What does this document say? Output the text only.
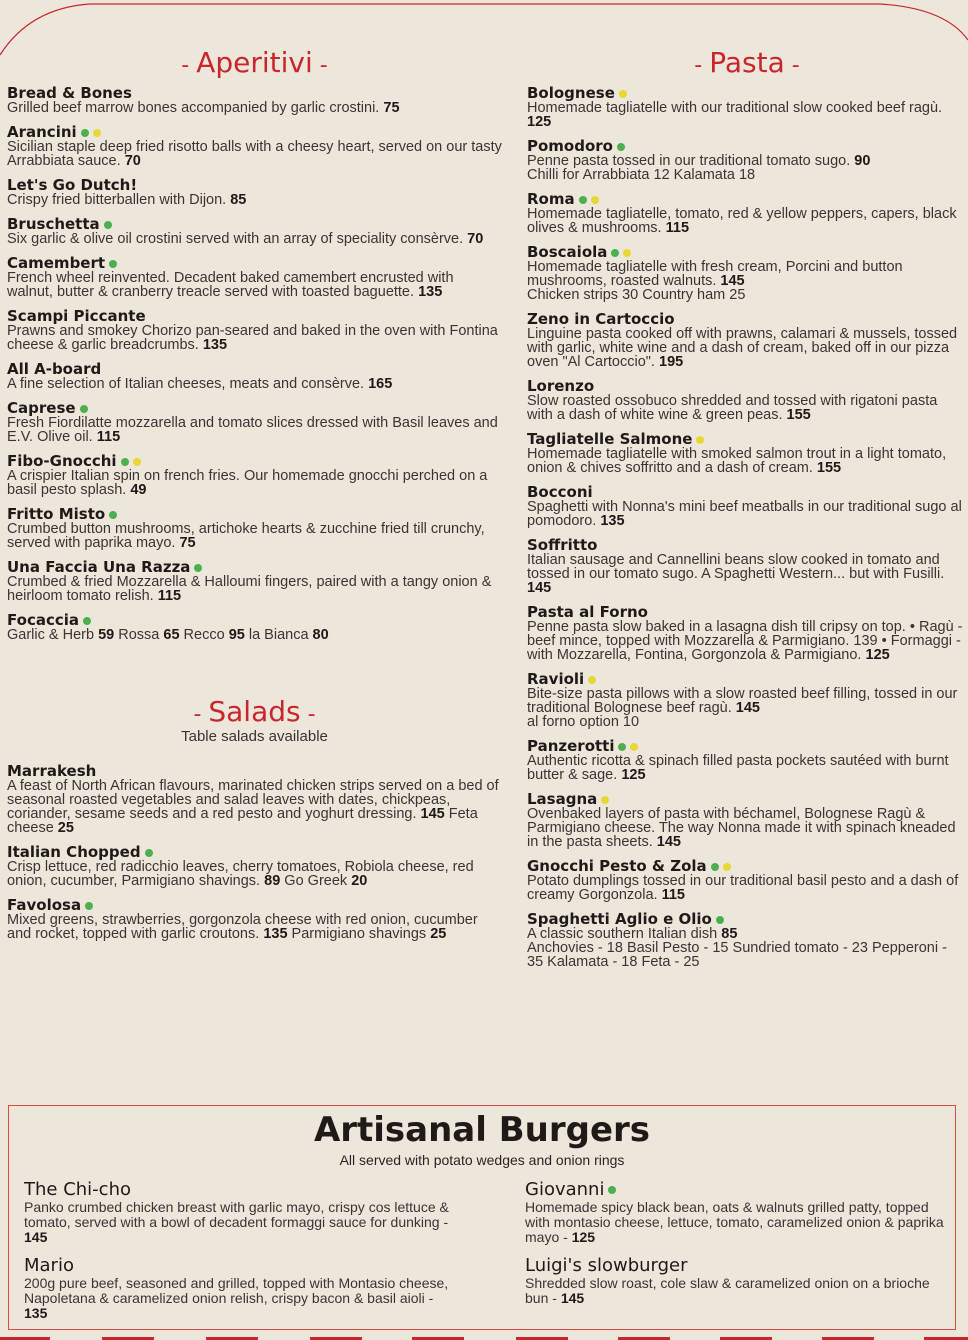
- Aperitivi -
Bread & Bones
Grilled beef marrow bones accompanied by garlic crostini. 75
Arancini
Sicilian staple deep fried risotto balls with a cheesy heart, served on our tasty Arrabbiata sauce. 70
Let's Go Dutch!
Crispy fried bitterballen with Dijon. 85
Bruschetta
Six garlic & olive oil crostini served with an array of speciality consèrve. 70
Camembert
French wheel reinvented. Decadent baked camembert encrusted with walnut, butter & cranberry treacle served with toasted baguette. 135
Scampi Piccante
Prawns and smokey Chorizo pan-seared and baked in the oven with Fontina cheese & garlic breadcrumbs. 135
All A-board
A fine selection of Italian cheeses, meats and consèrve. 165
Caprese
Fresh Fiordilatte mozzarella and tomato slices dressed with Basil leaves and E.V. Olive oil. 115
Fibo-Gnocchi
A crispier Italian spin on french fries. Our homemade gnocchi perched on a basil pesto splash. 49
Fritto Misto
Crumbed button mushrooms, artichoke hearts & zucchine fried till crunchy, served with paprika mayo. 75
Una Faccia Una Razza
Crumbed & fried Mozzarella & Halloumi fingers, paired with a tangy onion & heirloom tomato relish. 115
Focaccia
Garlic & Herb 59 Rossa 65 Recco 95 la Bianca 80
- Salads -
Table salads available
Marrakesh
A feast of North African flavours, marinated chicken strips served on a bed of seasonal roasted vegetables and salad leaves with dates, chickpeas, coriander, sesame seeds and a red pesto and yoghurt dressing. 145 Feta cheese 25
Italian Chopped
Crisp lettuce, red radicchio leaves, cherry tomatoes, Robiola cheese, red onion, cucumber, Parmigiano shavings. 89 Go Greek 20
Favolosa
Mixed greens, strawberries, gorgonzola cheese with red onion, cucumber and rocket, topped with garlic croutons. 135 Parmigiano shavings 25
- Pasta -
Bolognese
Homemade tagliatelle with our traditional slow cooked beef ragù. 125
Pomodoro
Penne pasta tossed in our traditional tomato sugo. 90
Chilli for Arrabbiata 12 Kalamata 18
Roma
Homemade tagliatelle, tomato, red & yellow peppers, capers, black olives & mushrooms. 115
Boscaiola
Homemade tagliatelle with fresh cream, Porcini and button mushrooms, roasted walnuts. 145
Chicken strips 30 Country ham 25
Zeno in Cartoccio
Linguine pasta cooked off with prawns, calamari & mussels, tossed with garlic, white wine and a dash of cream, baked off in our pizza oven "Al Cartoccio". 195
Lorenzo
Slow roasted ossobuco shredded and tossed with rigatoni pasta with a dash of white wine & green peas. 155
Tagliatelle Salmone
Homemade tagliatelle with smoked salmon trout in a light tomato, onion & chives soffritto and a dash of cream. 155
Bocconi
Spaghetti with Nonna's mini beef meatballs in our traditional sugo al pomodoro. 135
Soffritto
Italian sausage and Cannellini beans slow cooked in tomato and tossed in our tomato sugo. A Spaghetti Western... but with Fusilli. 145
Pasta al Forno
Penne pasta slow baked in a lasagna dish till cripsy on top. • Ragù - beef mince, topped with Mozzarella & Parmigiano. 139 • Formaggi - with Mozzarella, Fontina, Gorgonzola & Parmigiano. 125
Ravioli
Bite-size pasta pillows with a slow roasted beef filling, tossed in our traditional Bolognese beef ragù. 145
al forno option 10
Panzerotti
Authentic ricotta & spinach filled pasta pockets sautéed with burnt butter & sage. 125
Lasagna
Ovenbaked layers of pasta with béchamel, Bolognese Ragù & Parmigiano cheese. The way Nonna made it with spinach kneaded in the pasta sheets. 145
Gnocchi Pesto & Zola
Potato dumplings tossed in our traditional basil pesto and a dash of creamy Gorgonzola. 115
Spaghetti Aglio e Olio
A classic southern Italian dish 85
Anchovies - 18 Basil Pesto - 15 Sundried tomato - 23 Pepperoni - 35 Kalamata - 18 Feta - 25
Artisanal Burgers
All served with potato wedges and onion rings
The Chi-cho
Panko crumbed chicken breast with garlic mayo, crispy cos lettuce & tomato, served with a bowl of decadent formaggi sauce for dunking - 145
Giovanni
Homemade spicy black bean, oats & walnuts grilled patty, topped with montasio cheese, lettuce, tomato, caramelized onion & paprika mayo - 125
Mario
200g pure beef, seasoned and grilled, topped with Montasio cheese, Napoletana & caramelized onion relish, crispy bacon & basil aioli - 135
Luigi's slowburger
Shredded slow roast, cole slaw & caramelized onion on a brioche bun - 145
